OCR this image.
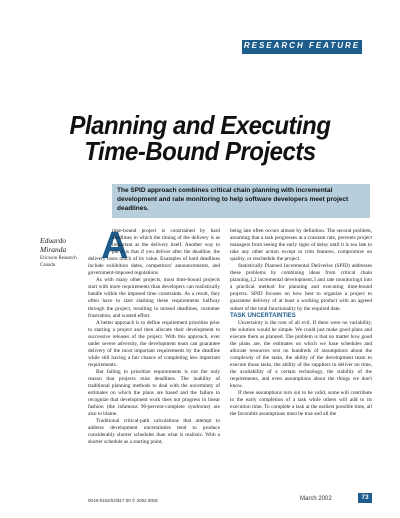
RESEARCH FEATURE
Planning and Executing
Time-Bound Projects
The SPID approach combines critical chain planning with incremental development and rate monitoring to help software developers meet project deadlines.
Eduardo
Miranda
Ericsson Research
Canada	A

time-bound project is constrained by hard deadlines in which the timing of the delivery is as important as the delivery itself. Another way to put it is that if you deliver after the deadline, the delivery loses much of its value. Examples of hard deadlines include exhibition dates, competitors' announcements, and government-imposed regulations.

As with many other projects, most time-bound projects start with more requirements than developers can realistically handle within the imposed time constraints. As a result, they often have to start slashing these requirements halfway through the project, resulting in missed deadlines, customer frustration, and wasted effort.

A better approach is to define requirement priorities prior to starting a project and then allocate their development to successive releases of the project. With this approach, ever under severe adversity, the development team can guarantee delivery of the most important requirements by the deadline while still having a fair chance of completing less important requirements.

But failing to prioritize requirements is not the only reason that projects miss deadlines. The inability of traditional planning methods to deal with the uncertainty of estimates on which the plans are based and the failure to recognize that development work does not progress in linear fashion (the infamous 90-percent-complete syndrome) are also to blame.

Traditional critical-path calculations that attempt to address development uncertainties tend to produce considerably shorter schedules than what is realistic. With a shorter schedule as a starting point,

being late often occurs almost by definition. The second problem, assuming that a task progresses at a constant rate, prevents project managers from seeing the early signs of delay until it is too late to take any other action except to trim features, compromise on quality, or reschedule the project.

Statistically Planned Incremental Deliveries (SPID) addresses these problems by combining ideas from critical chain planning,1,2 incremental development,3 and rate monitoring4 into a practical method for planning and executing time-bound projects. SPID focuses on how best to organize a project to guarantee delivery of at least a working product with an agreed subset of the total functionality by the required date.

TASK UNCERTAINTIES

Uncertainty is the root of all evil. If there were no variability, the solution would be simple. We could just make good plans and execute them as planned. The problem is that no matter how good the plans are, the estimates on which we base schedules and allocate resources rest on hundreds of assumptions about the complexity of the tasks, the ability of the development team to execute those tasks, the ability of the suppliers to deliver on time, the availability of a certain technology, the stability of the requirements, and even assumptions about the things we don't know.

If these assumptions turn out to be valid, some will contribute to the early completion of a task while others will add to its execution time. To complete a task at the earliest possible time, all the favorable assumptions must be true and all the

0018-9162/02/$17.00 © 2002 IEEE	March 2002	73
